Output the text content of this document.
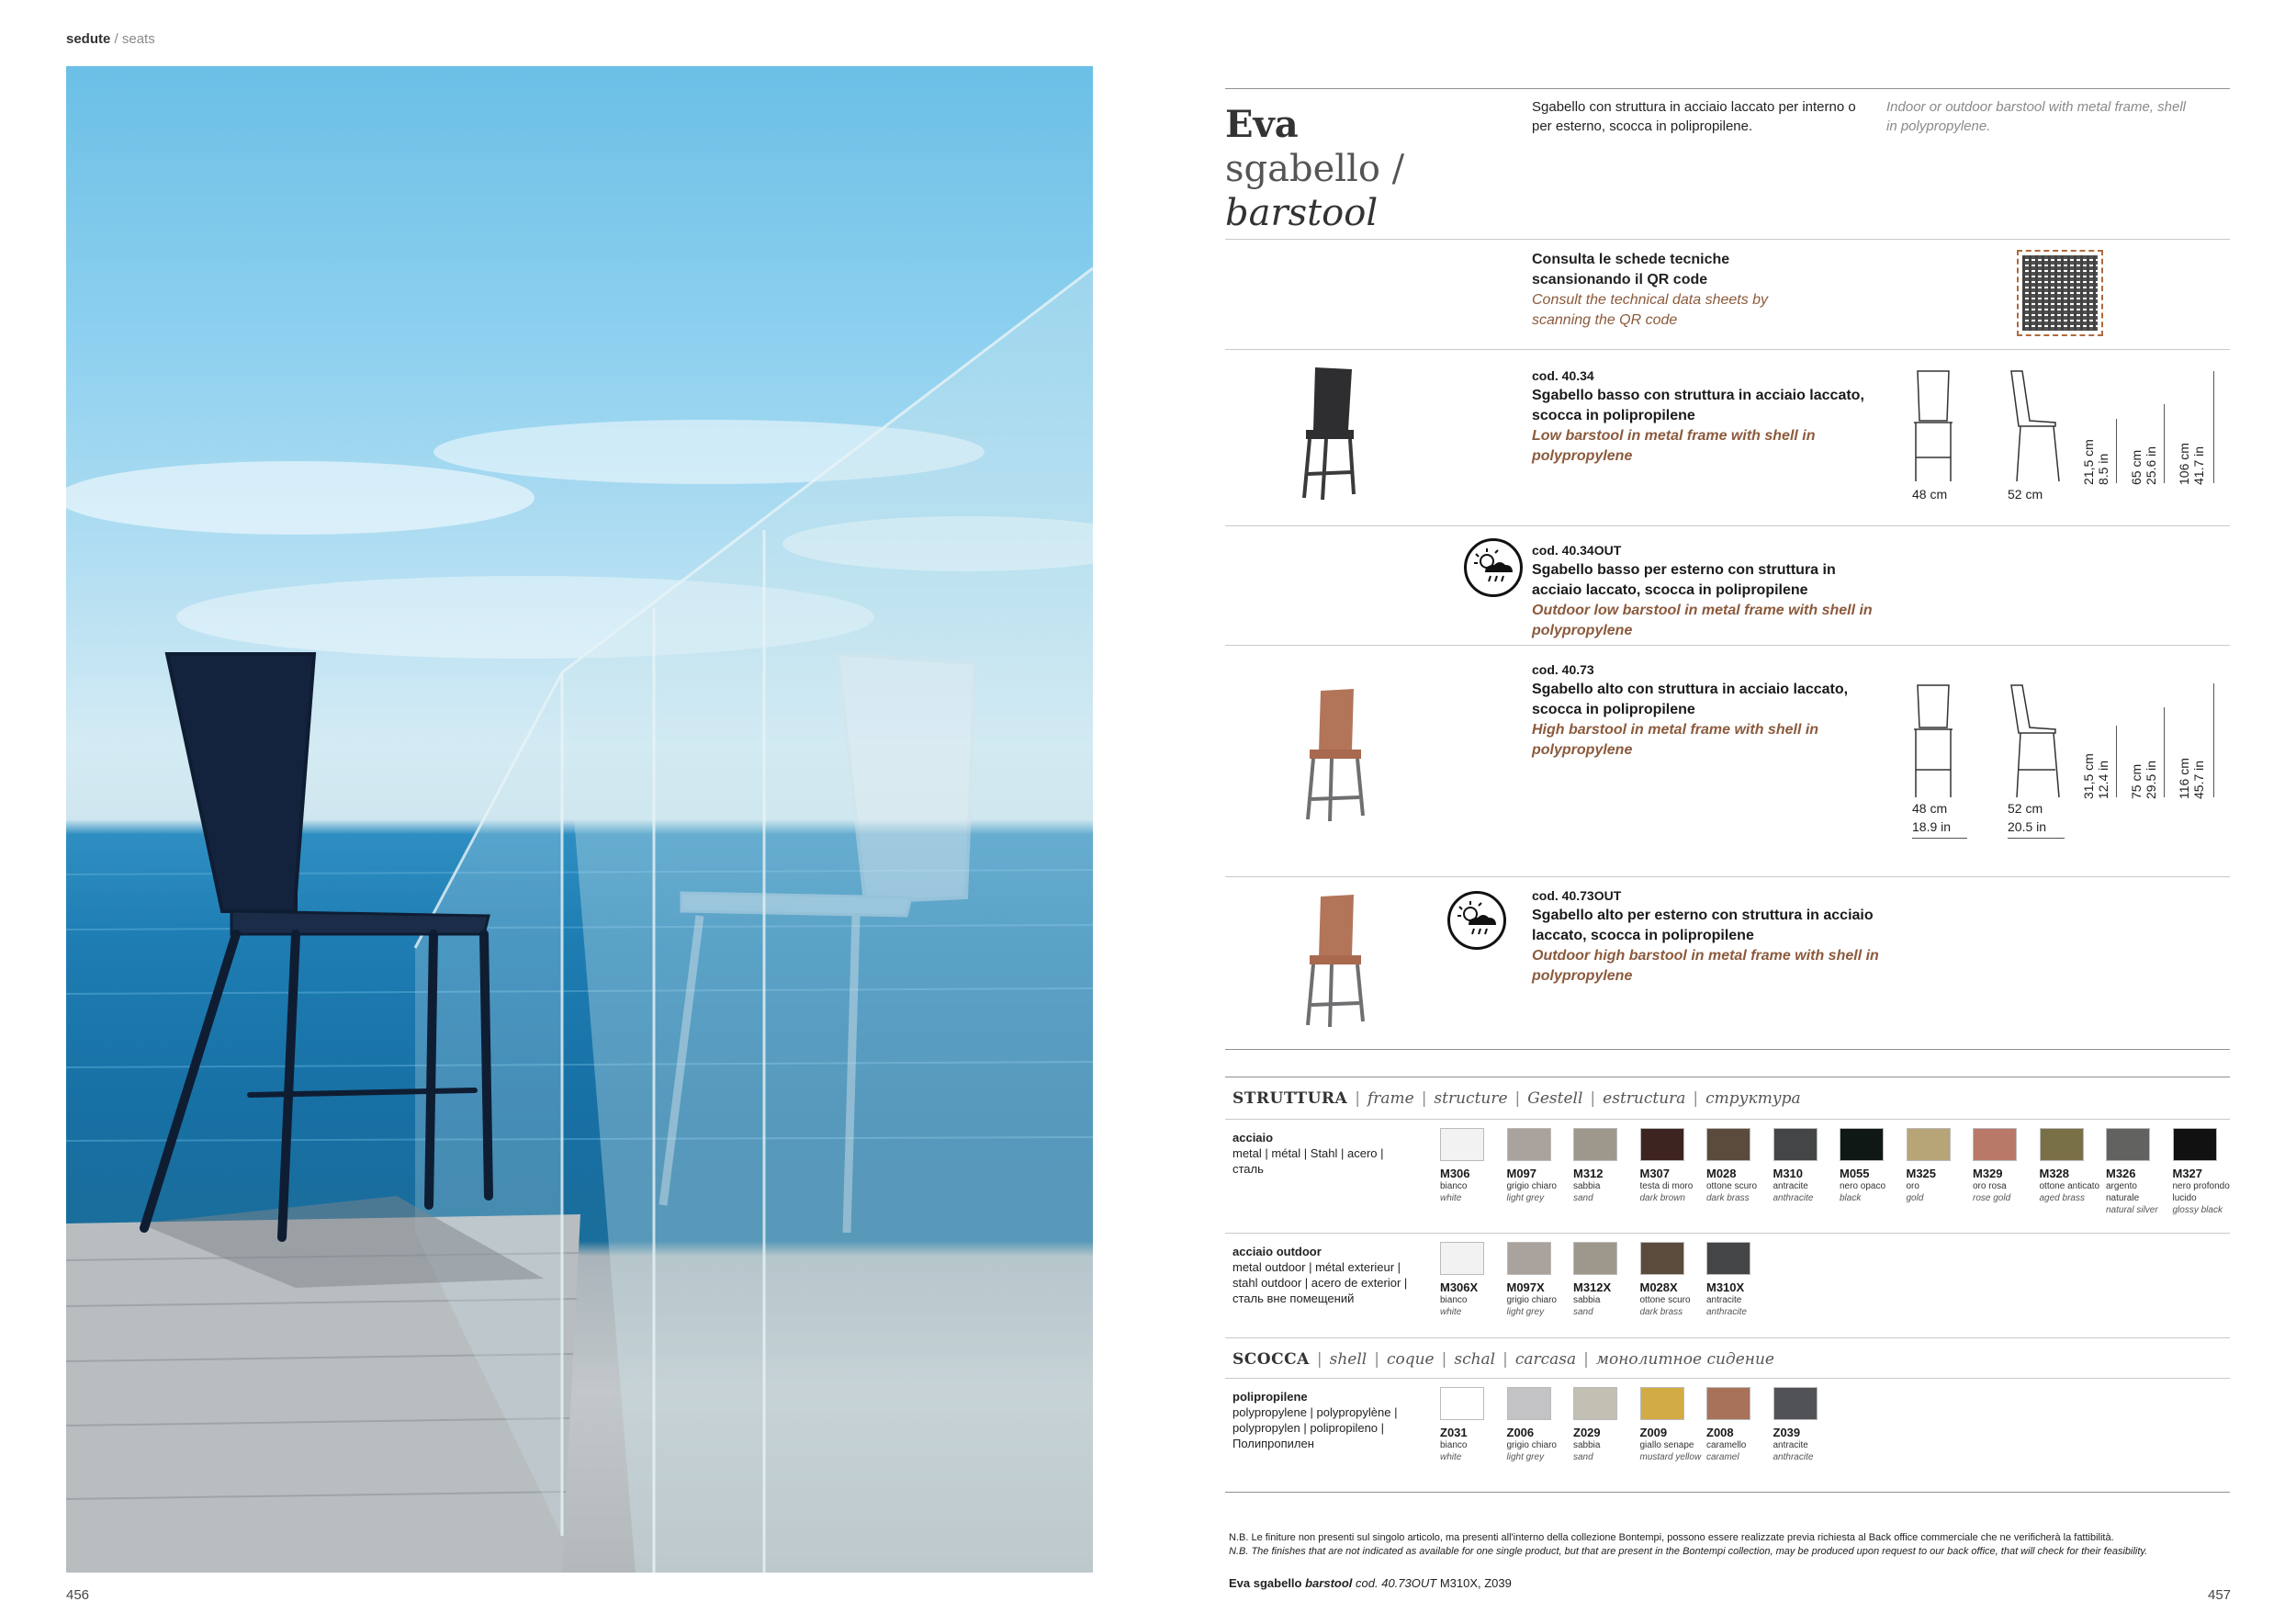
sedute / seats
456
Eva
sgabello /
barstool
Sgabello con struttura in acciaio laccato per interno o per esterno, scocca in polipropilene.
Indoor or outdoor barstool with metal frame, shell in polypropylene.
Consulta le schede tecniche scansionando il QR code
Consult the technical data sheets by scanning the QR code
cod. 40.34
Sgabello basso con struttura in acciaio laccato, scocca in polipropilene
Low barstool in metal frame with shell in polypropylene
48 cm	52 cm
21,5 cm
8.5 in 65 cm
25.6 in 106 cm
41.7 in
cod. 40.34OUT
Sgabello basso per esterno con struttura in acciaio laccato, scocca in polipropilene
Outdoor low barstool in metal frame with shell in polypropylene
cod. 40.73
Sgabello alto con struttura in acciaio laccato, scocca in polipropilene
High barstool in metal frame with shell in polypropylene
48 cm
18.9 in
52 cm
20.5 in
31,5 cm
12.4 in 75 cm
29.5 in 116 cm
45.7 in
cod. 40.73OUT
Sgabello alto per esterno con struttura in acciaio laccato, scocca in polipropilene
Outdoor high barstool in metal frame with shell in polypropylene
STRUTTURA | frame | structure | Gestell | estructura | структура
acciaio
metal | métal | Stahl | acero | сталь	M306
bianco
white
M097
grigio chiaro
light grey
M312
sabbia
sand
M307
testa di moro
dark brown
M028
ottone scuro
dark brass
M310
antracite
anthracite
M055
nero opaco
black
M325
oro
gold
M329
oro rosa
rose gold
M328
ottone anticato
aged brass
M326
argento naturale
natural silver
M327
nero profondo lucido
glossy black
acciaio outdoor
metal outdoor | métal exterieur | stahl outdoor | acero de exterior | сталь вне помещений
M306X
bianco
white
M097X
grigio chiaro
light grey
M312X
sabbia
sand
M028X
ottone scuro
dark brass
M310X
antracite
anthracite
SCOCCA | shell | coque | schal | carcasa | монолитное сидение
polipropilene
polypropylene | polypropylène | polypropylen | polipropileno | Полипропилен
Z031
bianco
white
Z006
grigio chiaro
light grey
Z029
sabbia
sand
Z009
giallo senape
mustard yellow
Z008
caramello
caramel
Z039
antracite
anthracite
N.B. Le finiture non presenti sul singolo articolo, ma presenti all'interno della collezione Bontempi, possono essere realizzate previa richiesta al Back office commerciale che ne verificherà la fattibilità.
N.B. The finishes that are not indicated as available for one single product, but that are present in the Bontempi collection, may be produced upon request to our back office, that will check for their feasibility.
Eva sgabello barstool cod. 40.73OUT M310X, Z039
457
